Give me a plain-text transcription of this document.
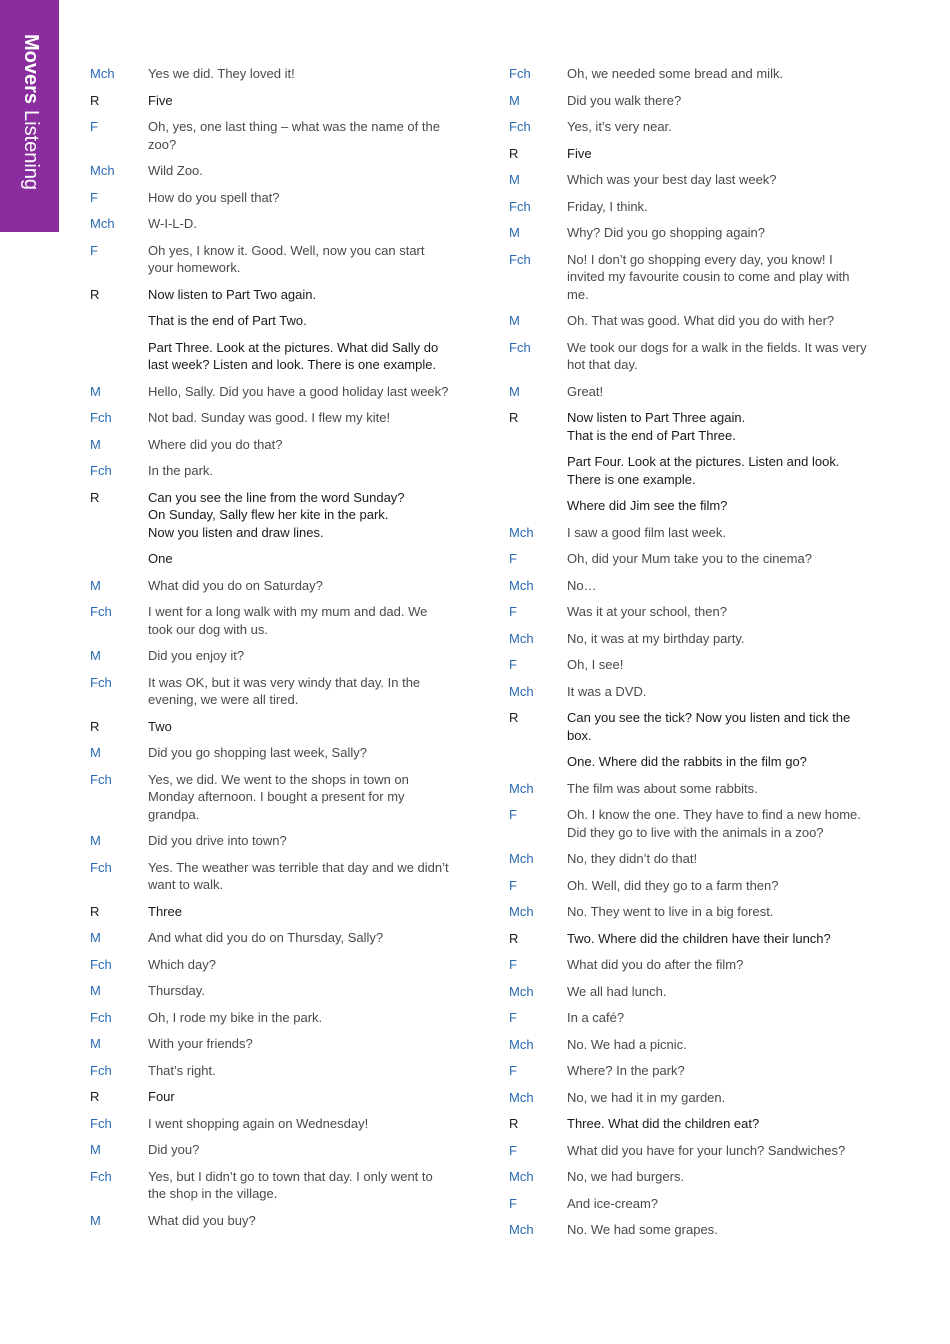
MoversListening
Mch	Yes we did. They loved it!
R	Five
F	Oh, yes, one last thing – what was the name of the
zoo?
Mch	Wild Zoo.
F	How do you spell that?
Mch	W-I-L-D.
F	Oh yes, I know it. Good. Well, now you can start
your homework.
R	Now listen to Part Two again.
That is the end of Part Two.
Part Three. Look at the pictures. What did Sally do
last week? Listen and look. There is one example.
M	Hello, Sally. Did you have a good holiday last week?
Fch	Not bad. Sunday was good. I flew my kite!
M	Where did you do that?
Fch	In the park.
R	Can you see the line from the word Sunday?
On Sunday, Sally flew her kite in the park.
Now you listen and draw lines.
One
M	What did you do on Saturday?
Fch	I went for a long walk with my mum and dad. We
took our dog with us.
M	Did you enjoy it?
Fch	It was OK, but it was very windy that day. In the
evening, we were all tired.
R	Two
M	Did you go shopping last week, Sally?
Fch	Yes, we did. We went to the shops in town on
Monday afternoon. I bought a present for my
grandpa.
M	Did you drive into town?
Fch	Yes. The weather was terrible that day and we didn’t
want to walk.
R	Three
M	And what did you do on Thursday, Sally?
Fch	Which day?
M	Thursday.
Fch	Oh, I rode my bike in the park.
M	With your friends?
Fch	That’s right.
R	Four
Fch	I went shopping again on Wednesday!
M	Did you?
Fch	Yes, but I didn’t go to town that day. I only went to
the shop in the village.
M	What did you buy?
Fch	Oh, we needed some bread and milk.
M	Did you walk there?
Fch	Yes, it’s very near.
R	Five
M	Which was your best day last week?
Fch	Friday, I think.
M	Why? Did you go shopping again?
Fch	No! I don’t go shopping every day, you know! I
invited my favourite cousin to come and play with
me.
M	Oh. That was good. What did you do with her?
Fch	We took our dogs for a walk in the fields. It was very
hot that day.
M	Great!
R	Now listen to Part Three again.
That is the end of Part Three.
Part Four. Look at the pictures. Listen and look.
There is one example.
Where did Jim see the film?
Mch	I saw a good film last week.
F	Oh, did your Mum take you to the cinema?
Mch	No…
F	Was it at your school, then?
Mch	No, it was at my birthday party.
F	Oh, I see!
Mch	It was a DVD.
R	Can you see the tick? Now you listen and tick the
box.
One. Where did the rabbits in the film go?
Mch	The film was about some rabbits.
F	Oh. I know the one. They have to find a new home.
Did they go to live with the animals in a zoo?
Mch	No, they didn’t do that!
F	Oh. Well, did they go to a farm then?
Mch	No. They went to live in a big forest.
R	Two. Where did the children have their lunch?
F	What did you do after the film?
Mch	We all had lunch.
F	In a café?
Mch	No. We had a picnic.
F	Where? In the park?
Mch	No, we had it in my garden.
R	Three. What did the children eat?
F	What did you have for your lunch? Sandwiches?
Mch	No, we had burgers.
F	And ice-cream?
Mch	No. We had some grapes.
